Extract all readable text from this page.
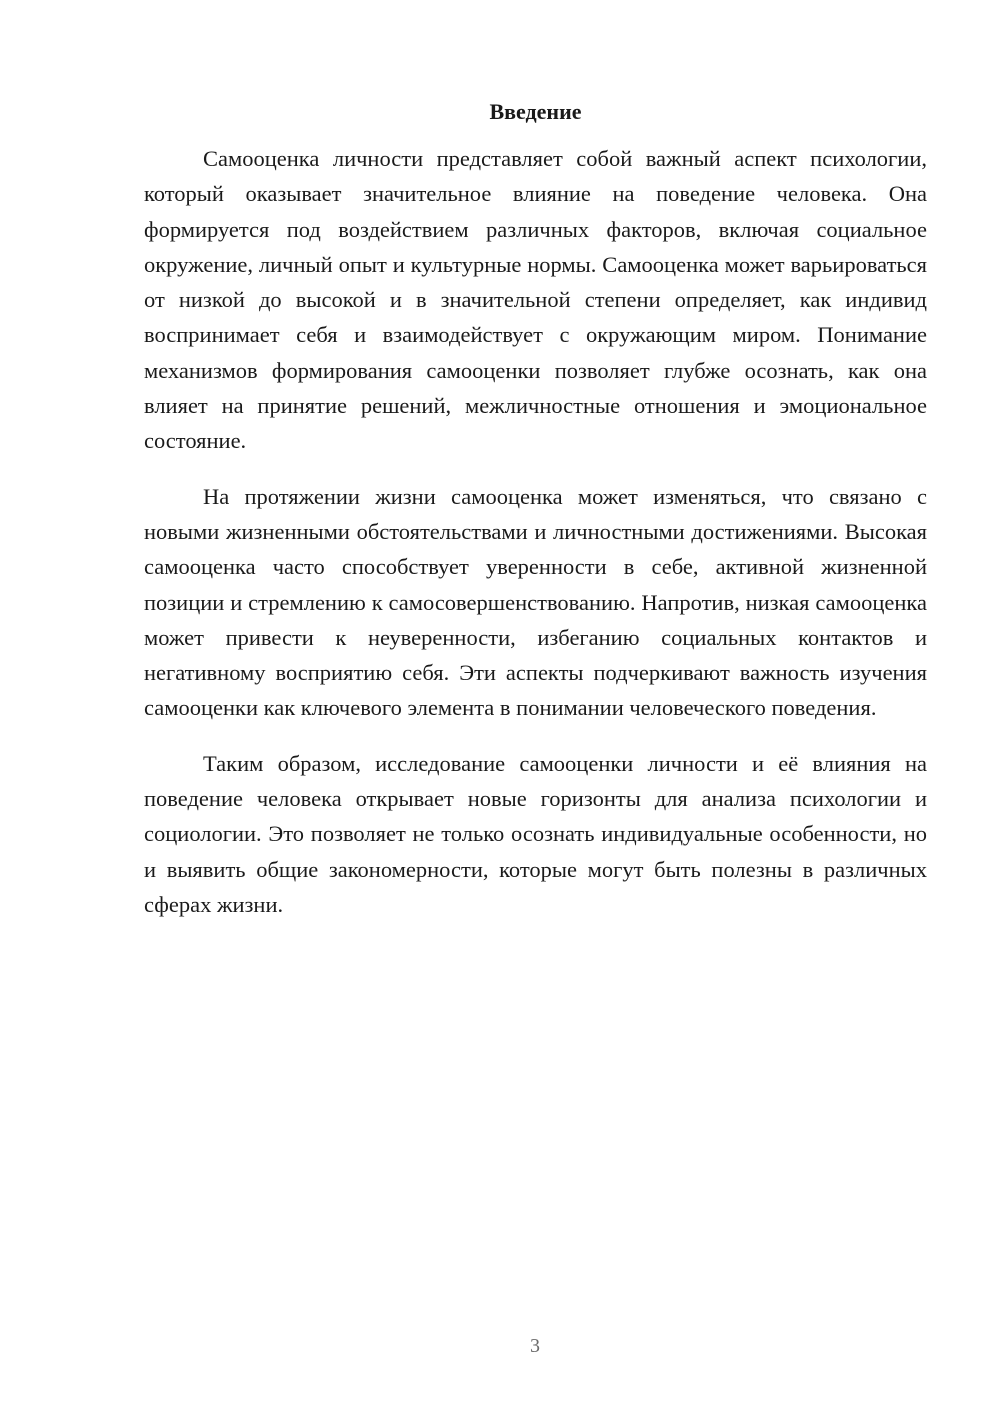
Введение

Самооценка личности представляет собой важный аспект психологии, который оказывает значительное влияние на поведение человека. Она формируется под воздействием различных факторов, включая социальное окружение, личный опыт и культурные нормы. Самооценка может варьироваться от низкой до высокой и в значительной степени определяет, как индивид воспринимает себя и взаимодействует с окружающим миром. Понимание механизмов формирования самооценки позволяет глубже осознать, как она влияет на принятие решений, межличностные отношения и эмоциональное состояние.

На протяжении жизни самооценка может изменяться, что связано с новыми жизненными обстоятельствами и личностными достижениями. Высокая самооценка часто способствует уверенности в себе, активной жизненной позиции и стремлению к самосовершенствованию. Напротив, низкая самооценка может привести к неуверенности, избеганию социальных контактов и негативному восприятию себя. Эти аспекты подчеркивают важность изучения самооценки как ключевого элемента в понимании человеческого поведения.

Таким образом, исследование самооценки личности и её влияния на поведение человека открывает новые горизонты для анализа психологии и социологии. Это позволяет не только осознать индивидуальные особенности, но и выявить общие закономерности, которые могут быть полезны в различных сферах жизни.

3
